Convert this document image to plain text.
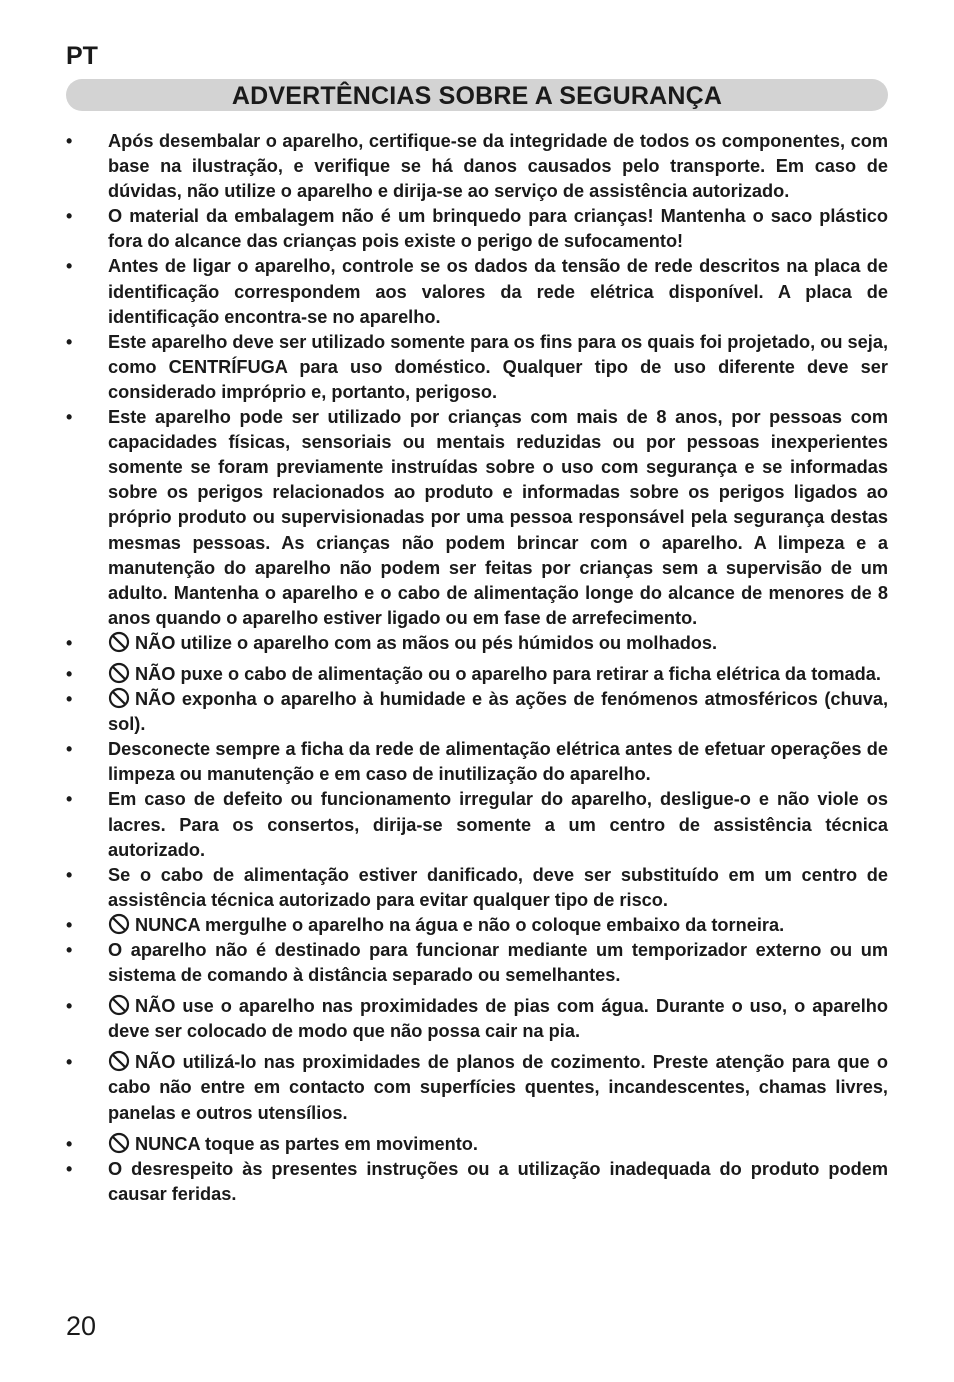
PT
ADVERTÊNCIAS SOBRE A SEGURANÇA
• Após desembalar o aparelho, certifique-se da integridade de todos os componentes, com base na ilustração, e verifique se há danos causados pelo transporte. Em caso de dúvidas, não utilize o aparelho e dirija-se ao serviço de assistência autorizado.
• O material da embalagem não é um brinquedo para crianças! Mantenha o saco plástico fora do alcance das crianças pois existe o perigo de sufocamento!
• Antes de ligar o aparelho, controle se os dados da tensão de rede descritos na placa de identificação correspondem aos valores da rede elétrica disponível. A placa de identificação encontra-se no aparelho.
• Este aparelho deve ser utilizado somente para os fins para os quais foi projetado, ou seja, como CENTRÍFUGA para uso doméstico. Qualquer tipo de uso diferente deve ser considerado impróprio e, portanto, perigoso.
• Este aparelho pode ser utilizado por crianças com mais de 8 anos, por pessoas com capacidades físicas, sensoriais ou mentais reduzidas ou por pessoas inexperientes somente se foram previamente instruídas sobre o uso com segurança e se informadas sobre os perigos relacionados ao produto e informadas sobre os perigos ligados ao próprio produto ou supervisionadas por uma pessoa responsável pela segurança destas mesmas pessoas. As crianças não podem brincar com o aparelho. A limpeza e a manutenção do aparelho não podem ser feitas por crianças sem a supervisão de um adulto. Mantenha o aparelho e o cabo de alimentação longe do alcance de menores de 8 anos quando o aparelho estiver ligado ou em fase de arrefecimento.
•	NÃO utilize o aparelho com as mãos ou pés húmidos ou molhados.
•	NÃO puxe o cabo de alimentação ou o aparelho para retirar a ficha elétrica da tomada.
•	NÃO exponha o aparelho à humidade e às ações de fenómenos atmosféricos (chuva, sol).
• Desconecte sempre a ficha da rede de alimentação elétrica antes de efetuar operações de limpeza ou manutenção e em caso de inutilização do aparelho.
• Em caso de defeito ou funcionamento irregular do aparelho, desligue-o e não viole os lacres. Para os consertos, dirija-se somente a um centro de assistência técnica autorizado.
• Se o cabo de alimentação estiver danificado, deve ser substituído em um centro de assistência técnica autorizado para evitar qualquer tipo de risco.
•	NUNCA mergulhe o aparelho na água e não o coloque embaixo da torneira.
• O aparelho não é destinado para funcionar mediante um temporizador externo ou um sistema de comando à distância separado ou semelhantes.
•	NÃO use o aparelho nas proximidades de pias com água. Durante o uso, o aparelho deve ser colocado de modo que não possa cair na pia.
•	NÃO utilizá-lo nas proximidades de planos de cozimento. Preste atenção para que o cabo não entre em contacto com superfícies quentes, incandescentes, chamas livres, panelas e outros utensílios.
•	NUNCA toque as partes em movimento.
• O desrespeito às presentes instruções ou a utilização inadequada do produto podem causar feridas.
20
